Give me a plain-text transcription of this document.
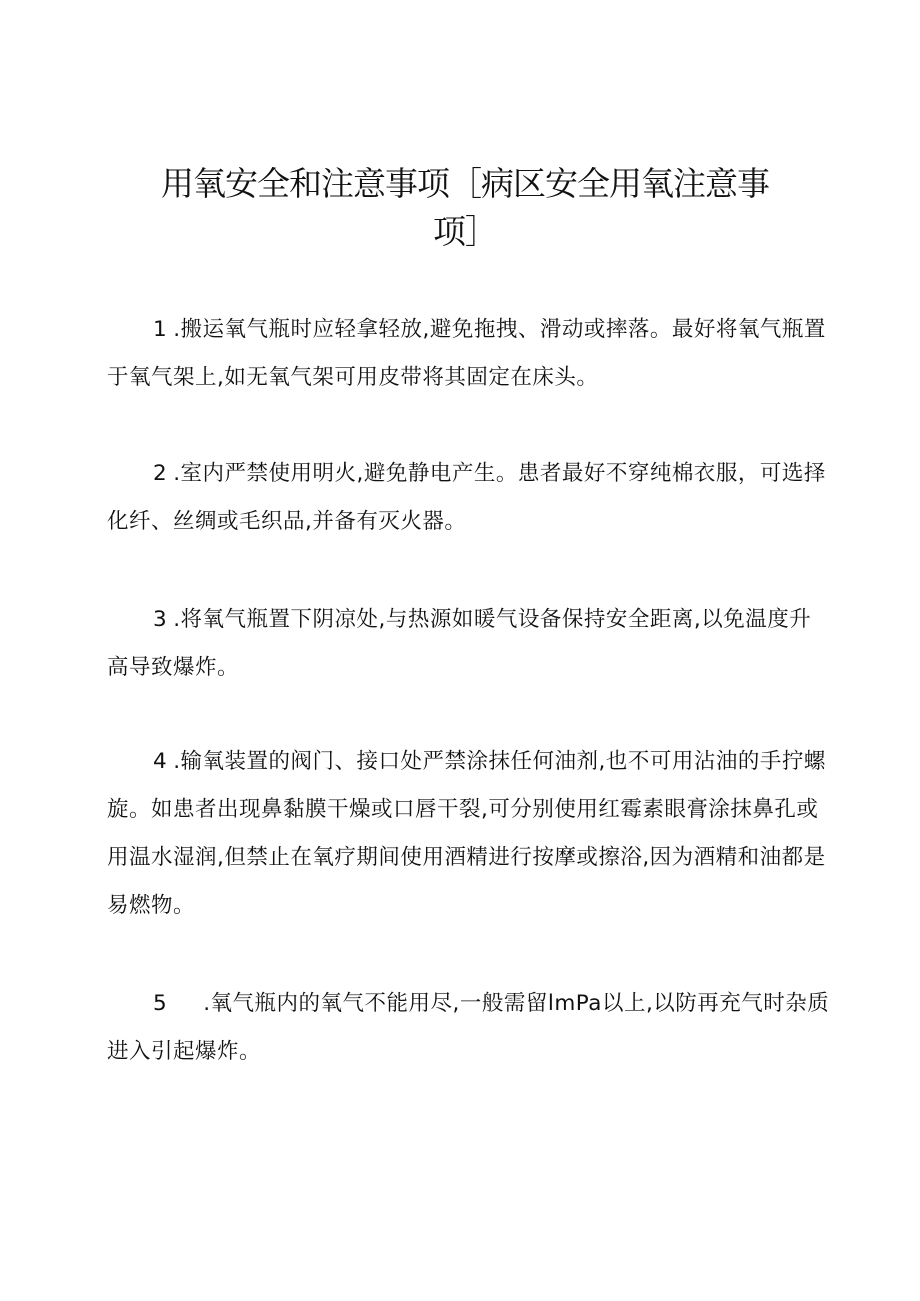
用氧安全和注意事项［病区安全用氧注意事项］

1 .搬运氧气瓶时应轻拿轻放,避免拖拽、滑动或摔落。最好将氧气瓶置于氧气架上,如无氧气架可用皮带将其固定在床头。

2 .室内严禁使用明火,避免静电产生。患者最好不穿纯棉衣服，可选择化纤、丝绸或毛织品,并备有灭火器。

3 .将氧气瓶置下阴凉处,与热源如暖气设备保持安全距离,以免温度升高导致爆炸。

4 .输氧装置的阀门、接口处严禁涂抹任何油剂,也不可用沾油的手拧螺旋。如患者出现鼻黏膜干燥或口唇干裂,可分别使用红霉素眼膏涂抹鼻孔或用温水湿润,但禁止在氧疗期间使用酒精进行按摩或擦浴,因为酒精和油都是易燃物。

5 .氧气瓶内的氧气不能用尽,一般需留lmPa以上,以防再充气时杂质进入引起爆炸。
